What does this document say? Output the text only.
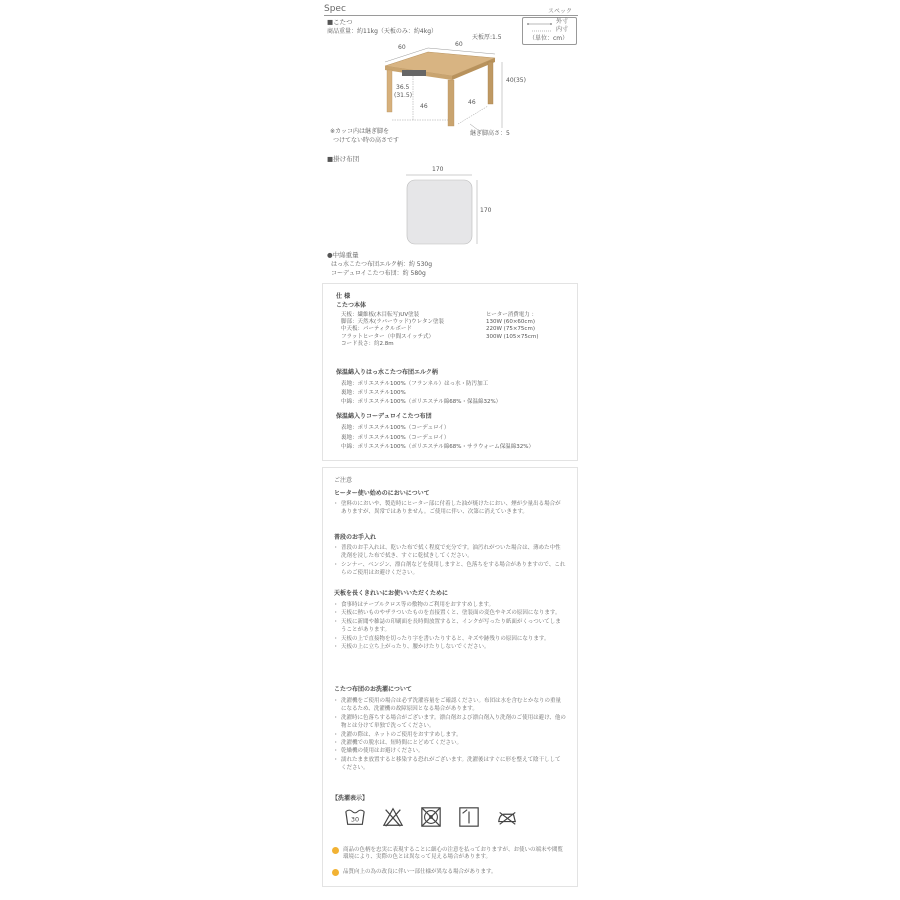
Spec	スペック
外寸
内寸
（単位：cm）
■こたつ
商品重量：約11kg（天板のみ：約4kg）
60	60
天板厚:1.5
40(35)
36.5
(31.5)
46
46
継ぎ脚高さ：5
※カッコ内は継ぎ脚を
つけてない時の高さです
■掛け布団
170
170
●中綿重量
はっ水こたつ布団エルク柄：約 530g
コーデュロイこたつ布団：約 580g
仕 様
こたつ本体
天板：繊維板(木目転写)UV塗装
脚部：天然木(ラバーウッド)ウレタン塗装
中天板：パーティクルボード
フラットヒーター（中間スイッチ式）
コード長さ：約2.8m
ヒーター消費電力 ：
130W (60×60cm)
220W (75×75cm)
300W (105×75cm)
保温綿入りはっ水こたつ布団エルク柄
表地：ポリエステル100%（フランネル）はっ水・防汚加工
裏地：ポリエステル100%
中綿：ポリエステル100%（ポリエステル綿68%・保温綿32%）
保温綿入りコーデュロイこたつ布団
表地：ポリエステル100%（コーデュロイ）
裏地：ポリエステル100%（コーデュロイ）
中綿：ポリエステル100%（ポリエステル綿68%・サラウォーム保温綿32%）
ご注意
ヒーター使い始めのにおいについて
・ 塗料のにおいや、製造時にヒーター部に付着した油が焼けたにおい、煙が少量出る場合がありますが、異常ではありません。ご使用に伴い、次第に消えていきます。
普段のお手入れ
・ 普段のお手入れは、乾いた布で拭く程度で充分です。油汚れがついた場合は、薄めた中性洗剤を浸した布で拭き、すぐに乾拭きしてください。
・ シンナー、ベンジン、漂白剤などを使用しますと、色落ちをする場合がありますので、これらのご使用はお避けください。
天板を長くきれいにお使いいただくために
・ 食事時はテーブルクロス等の敷物のご利用をおすすめします。
・ 天板に熱いものやザラついたものを直接置くと、塗装面の変色やキズの原因になります。
・ 天板に新聞や雑誌の印刷面を長時間放置すると、インクが写ったり紙面がくっついてしまうことがあります。
・ 天板の上で直接物を切ったり字を書いたりすると、キズや跡残りの原因になります。
・ 天板の上に立ち上がったり、腰かけたりしないでください。
こたつ布団のお洗濯について
・ 洗濯機をご使用の場合は必ず洗濯容量をご確認ください。布団は水を含むとかなりの重量になるため、洗濯機の故障原因となる場合があります。
・ 洗濯時に色落ちする場合がございます。漂白剤および漂白剤入り洗剤のご使用は避け、他の物とは分けて単独で洗ってください。
・ 洗濯の際は、ネットのご使用をおすすめします。
・ 洗濯機での脱水は、短時間にとどめてください。
・ 乾燥機の使用はお避けください。
・ 濡れたまま放置すると移染する恐れがございます。洗濯後はすぐに形を整えて陰干ししてください。
【洗濯表示】
商品の色柄を忠実に表現することに細心の注意を払っておりますが、お使いの端末や閲覧環境により、実際の色とは異なって見える場合があります。
品質向上の為の改良に伴い一部仕様が異なる場合があります。
30
